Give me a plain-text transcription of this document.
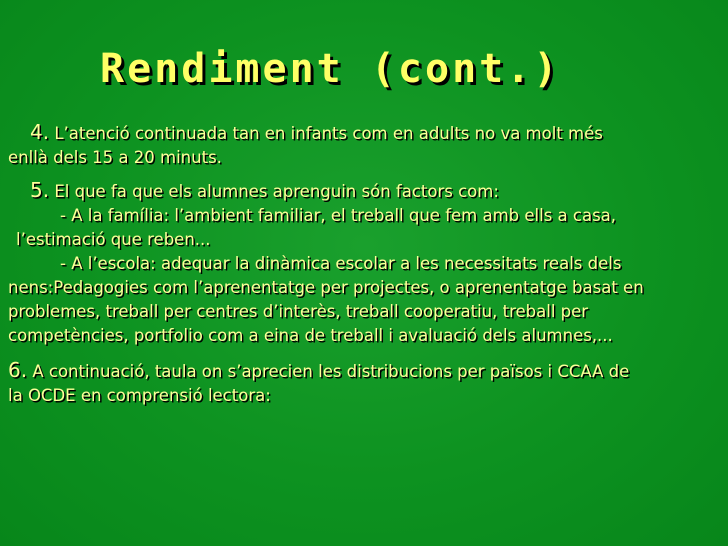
Rendiment (cont.)
4. L’atenció continuada tan en infants com en adults no va molt més
enllà dels 15 a 20 minuts.
5. El que fa que els alumnes aprenguin són factors com:
- A la família: l’ambient familiar, el treball que fem amb ells a casa,
l’estimació que reben...
- A l’escola: adequar la dinàmica escolar a les necessitats reals dels
nens:Pedagogies com l’aprenentatge per projectes, o aprenentatge basat en
problemes, treball per centres d’interès, treball cooperatiu, treball per
competències, portfolio com a eina de treball i avaluació dels alumnes,...
6. A continuació, taula on s’aprecien les distribucions per països i CCAA de
la OCDE en comprensió lectora:
